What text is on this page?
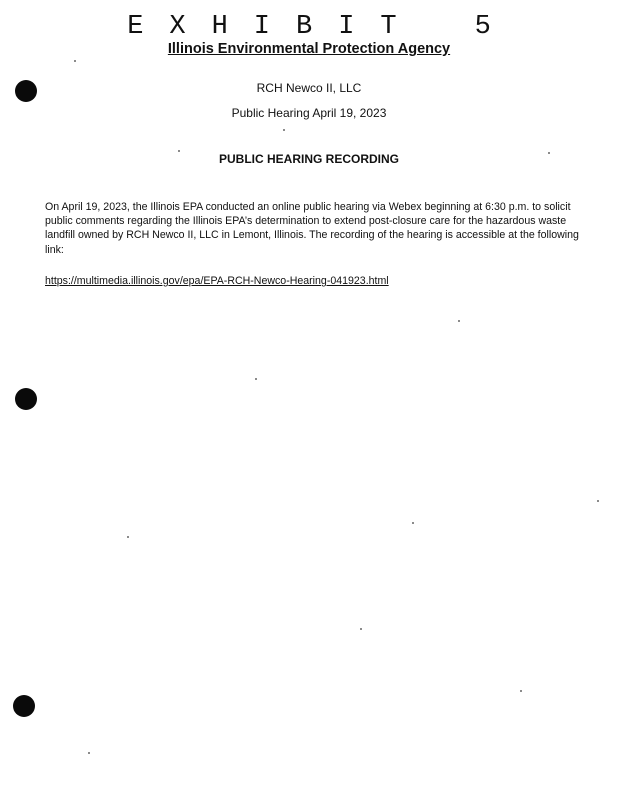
E X H I B I T	5
Illinois Environmental Protection Agency
RCH Newco II, LLC
Public Hearing April 19, 2023
PUBLIC HEARING RECORDING
On April 19, 2023, the Illinois EPA conducted an online public hearing via Webex beginning at 6:30 p.m. to solicit public comments regarding the Illinois EPA’s determination to extend post-closure care for the hazardous waste landfill owned by RCH Newco II, LLC in Lemont, Illinois. The recording of the hearing is accessible at the following link:
https://multimedia.illinois.gov/epa/EPA-RCH-Newco-Hearing-041923.html
